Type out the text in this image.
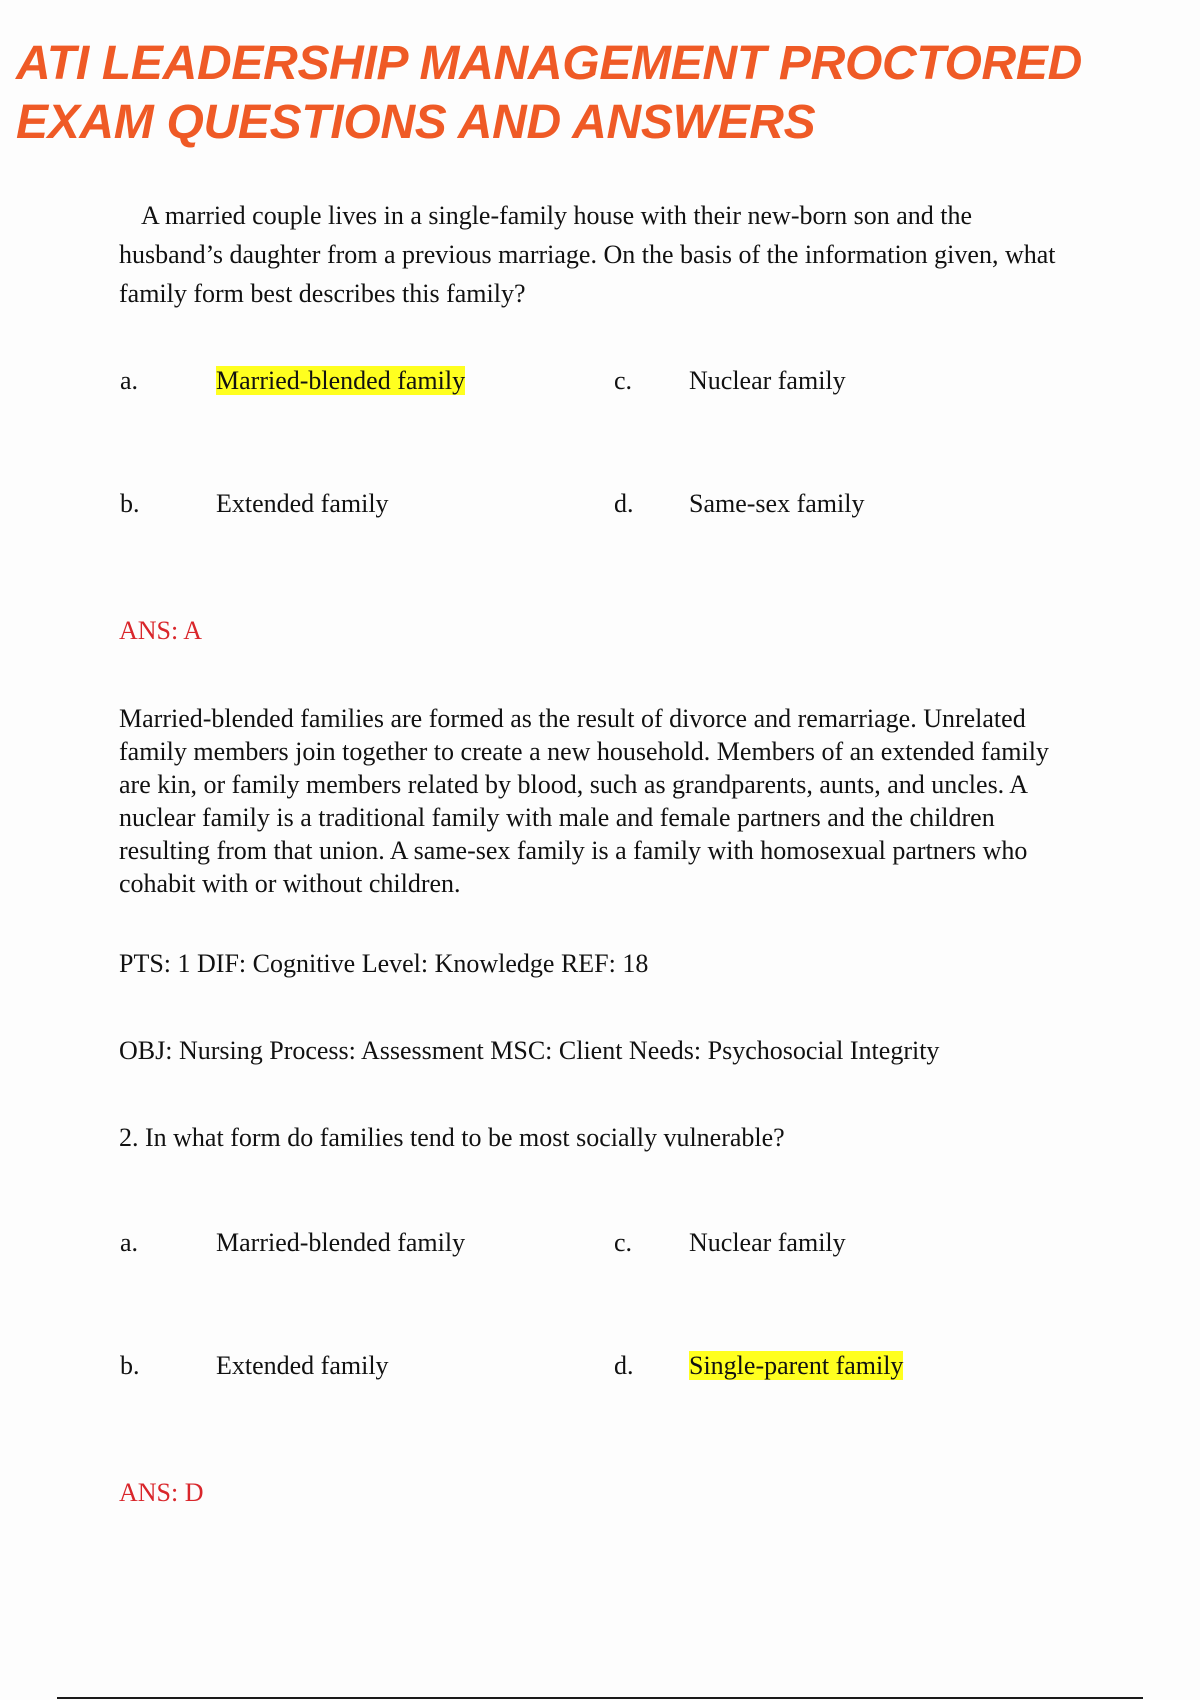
ATI LEADERSHIP MANAGEMENT PROCTORED
EXAM QUESTIONS AND ANSWERS

A married couple lives in a single-family house with their new-born son and the husband’s daughter from a previous marriage. On the basis of the information given, what family form best describes this family?

a.	Married-blended family	c. Nuclear family
b.	Extended family	d. Same-sex family
ANS: A

Married-blended families are formed as the result of divorce and remarriage. Unrelated family members join together to create a new household. Members of an extended family are kin, or family members related by blood, such as grandparents, aunts, and uncles. A nuclear family is a traditional family with male and female partners and the children resulting from that union. A same-sex family is a family with homosexual partners who cohabit with or without children.

PTS: 1 DIF: Cognitive Level: Knowledge REF: 18
OBJ: Nursing Process: Assessment MSC: Client Needs: Psychosocial Integrity
2. In what form do families tend to be most socially vulnerable?
a.	Married-blended family	c. Nuclear family
b.	Extended family	d. Single-parent family
ANS: D
